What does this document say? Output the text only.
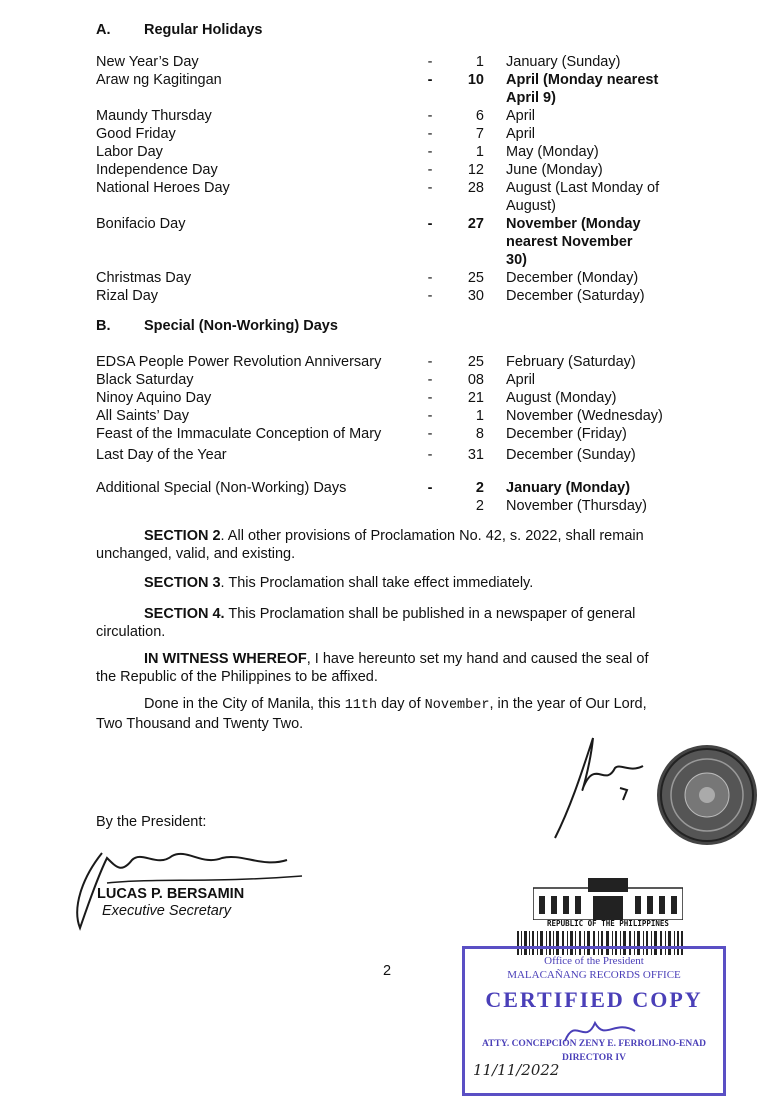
A. Regular Holidays
New Year’s Day	-	1 January (Sunday)
Araw ng Kagitingan	-	10 April (Monday nearest
April 9)
Maundy Thursday	-	6 April
Good Friday	-	7 April
Labor Day	-	1 May (Monday)
Independence Day	-	12 June (Monday)
National Heroes Day	-	28 August (Last Monday of
August)
Bonifacio Day	-	27 November (Monday
nearest November
30)
Christmas Day	-	25 December (Monday)
Rizal Day	-	30 December (Saturday)
B. Special (Non-Working) Days
EDSA People Power Revolution Anniversary	-	25 February (Saturday)
Black Saturday	-	08 April
Ninoy Aquino Day	-	21 August (Monday)
All Saints’ Day	-	1 November (Wednesday)
Feast of the Immaculate Conception of Mary	-	8 December (Friday)
Last Day of the Year	-	31 December (Sunday)
Additional Special (Non-Working) Days	-	2 January (Monday)
2 November (Thursday)
SECTION 2. All other provisions of Proclamation No. 42, s. 2022, shall remain
unchanged, valid, and existing.
SECTION 3. This Proclamation shall take effect immediately.
SECTION 4. This Proclamation shall be published in a newspaper of general
circulation.
IN WITNESS WHEREOF, I have hereunto set my hand and caused the seal of
the Republic of the Philippines to be affixed.
Done in the City of Manila, this 11th day of November, in the year of Our Lord,
Two Thousand and Twenty Two.
By the President:
LUCAS P. BERSAMIN
Executive Secretary
2
REPUBLIC OF THE PHILIPPINES
Office of the President
MALACAÑANG RECORDS OFFICE
CERTIFIED COPY
ATTY. CONCEPCION ZENY E. FERROLINO-ENAD
DIRECTOR IV
11/11/2022
